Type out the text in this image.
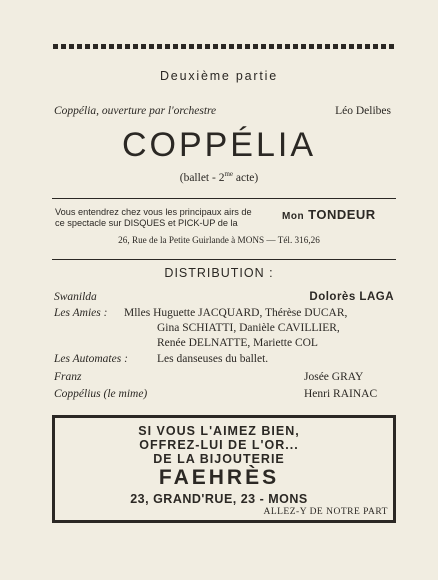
Deuxième partie
Coppélia, ouverture par l'orchestre	Léo Delibes
COPPÉLIA
(ballet - $2^{me}$ acte)
Vous entendrez chez vous les principaux airs de
ce spectacle sur DISQUES et PICK-UP de la
Mon TONDEUR
26, Rue de la Petite Guirlande à MONS — Tél. 316,26
DISTRIBUTION :
Swanilda	Dolorès LAGA
Les Amies : Mlles Huguette JACQUARD, Thérèse DUCAR,
Gina SCHIATTI, Danièle CAVILLIER,
Renée DELNATTE, Mariette COL
Les Automates :	Les danseuses du ballet.
Franz	Josée GRAY
Coppélius (le mime)	Henri RAINAC
SI VOUS L'AIMEZ BIEN,
OFFREZ-LUI DE L'OR...
DE LA BIJOUTERIE
FAEHRÈS
23, GRAND'RUE, 23 - MONS
ALLEZ-Y DE NOTRE PART
